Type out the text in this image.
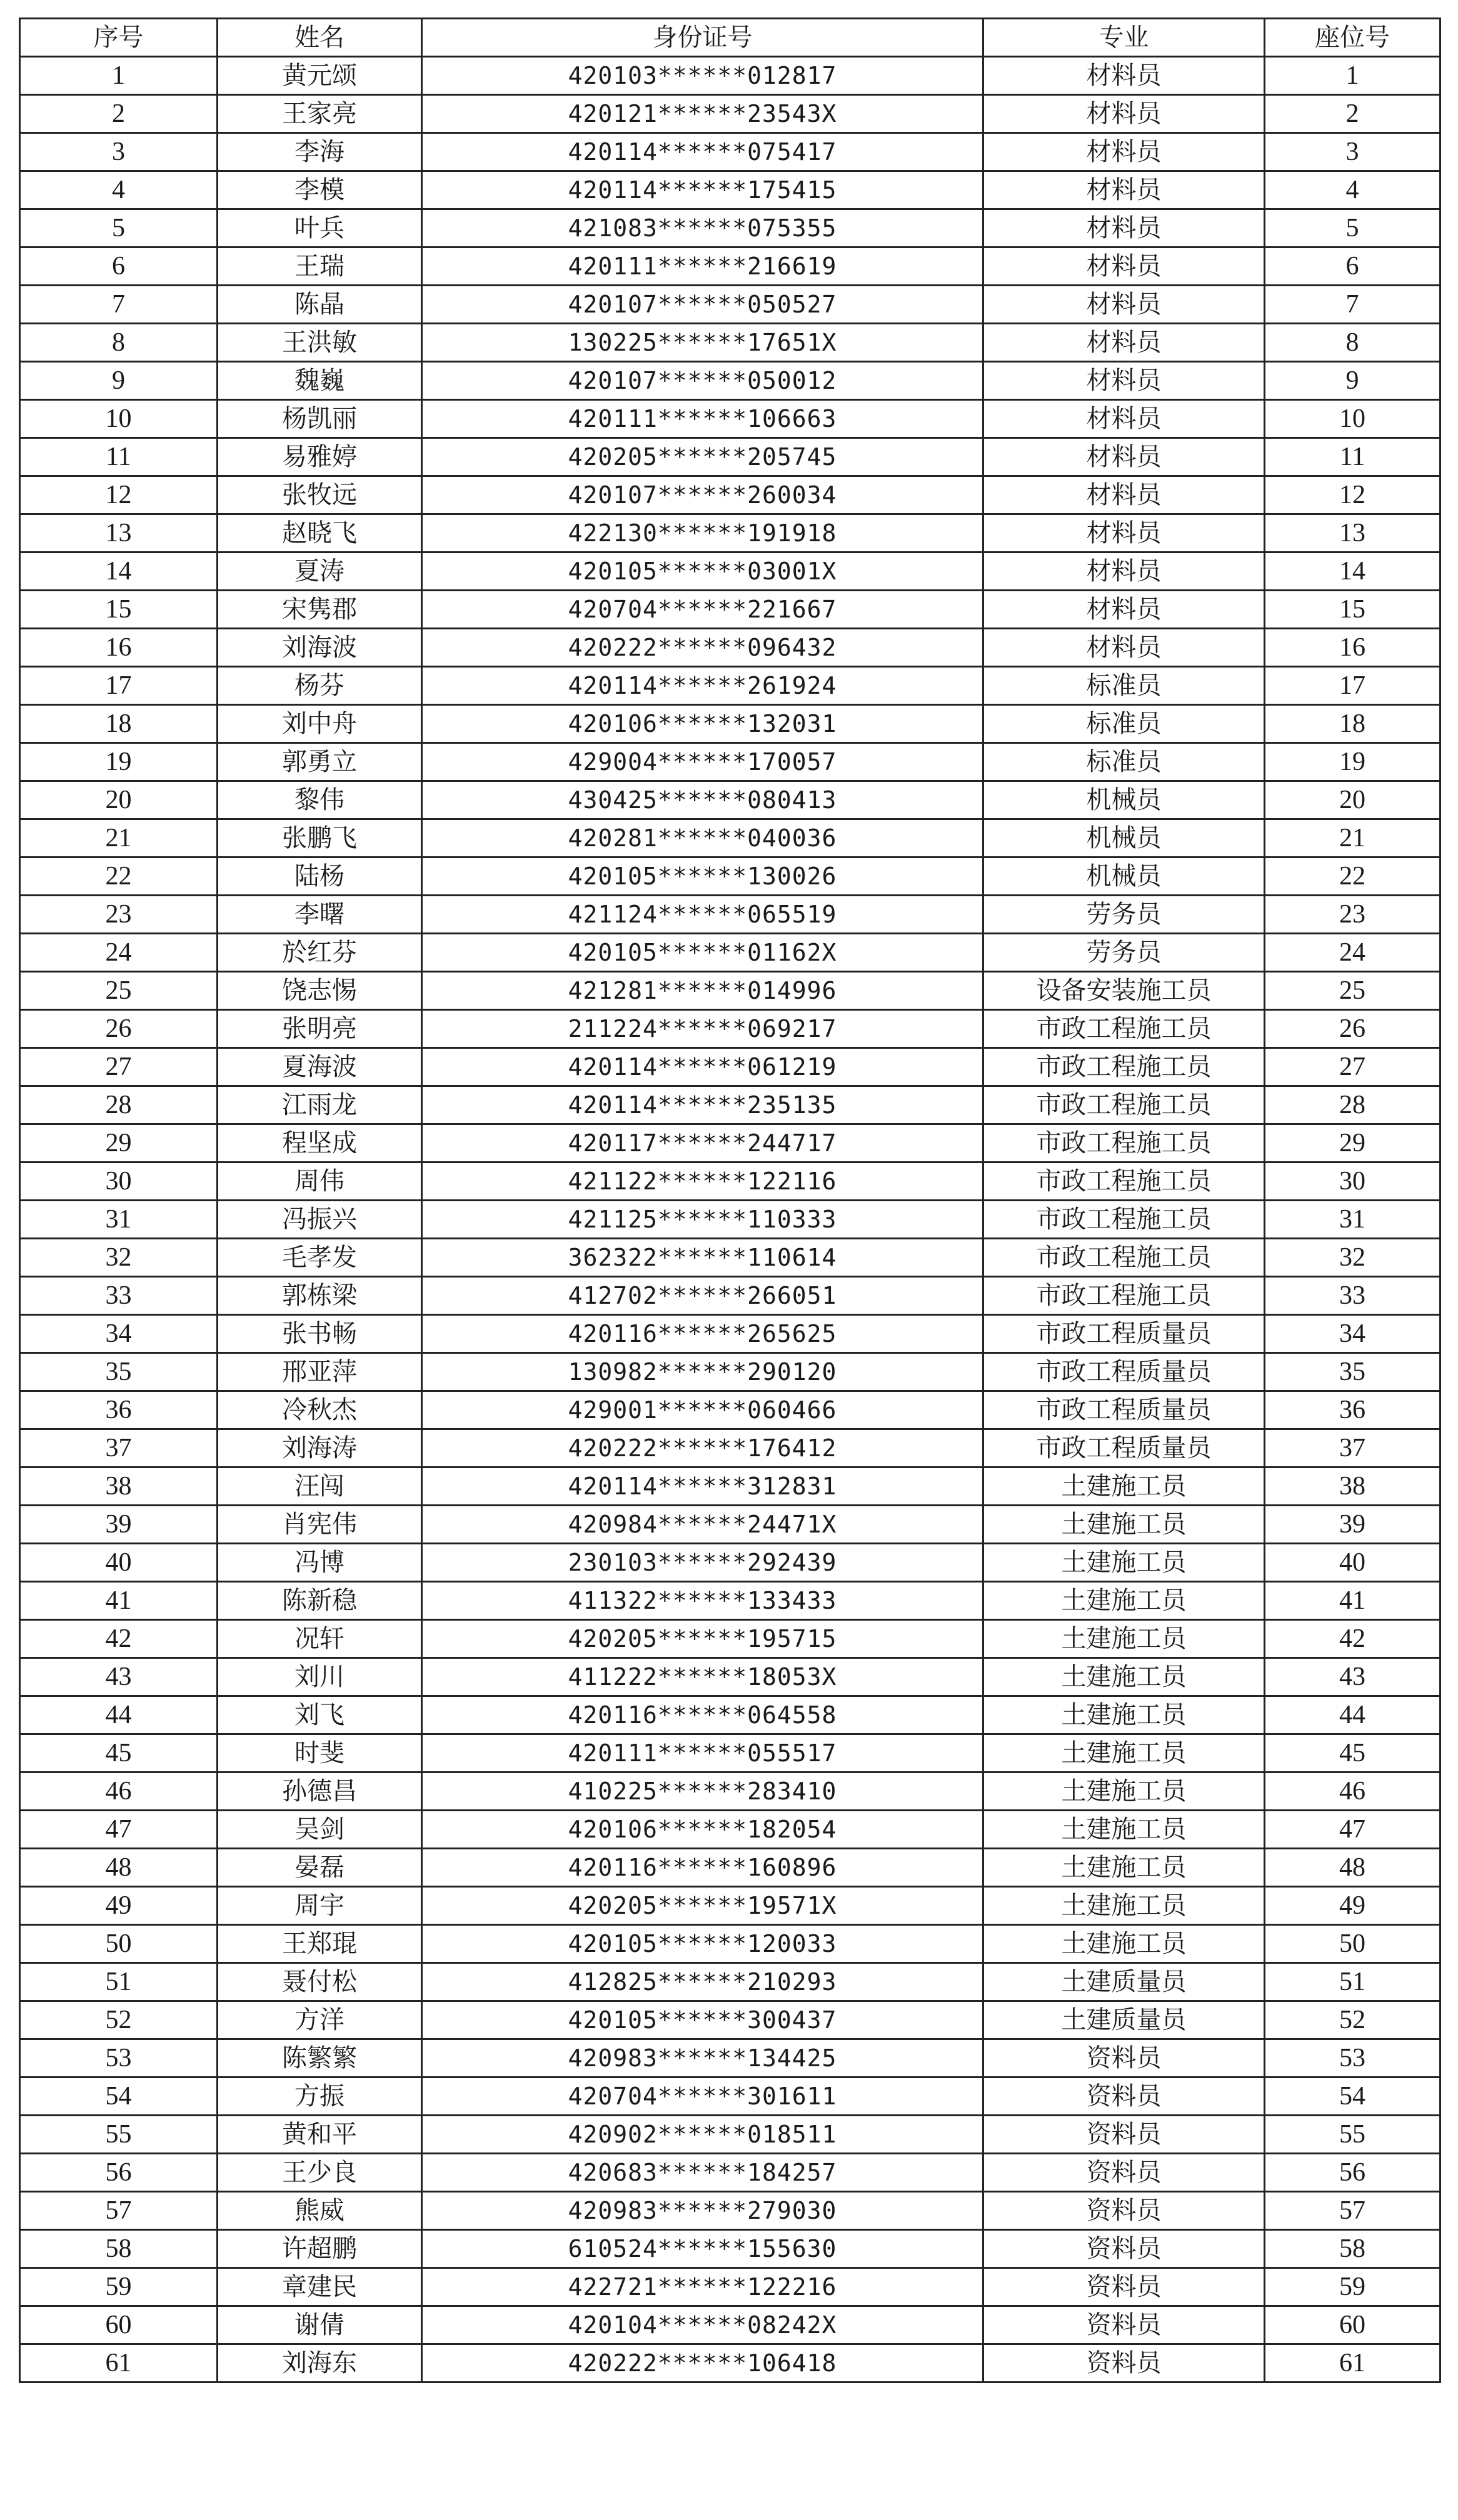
序号	姓名	身份证号	专业	座位号
1	黄元颂	420103******012817	材料员	1
2	王家亮	420121******23543X	材料员	2
3	李海	420114******075417	材料员	3
4	李模	420114******175415	材料员	4
5	叶兵	421083******075355	材料员	5
6	王瑞	420111******216619	材料员	6
7	陈晶	420107******050527	材料员	7
8	王洪敏	130225******17651X	材料员	8
9	魏巍	420107******050012	材料员	9
10	杨凯丽	420111******106663	材料员	10
11	易雅婷	420205******205745	材料员	11
12	张牧远	420107******260034	材料员	12
13	赵晓飞	422130******191918	材料员	13
14	夏涛	420105******03001X	材料员	14
15	宋隽郡	420704******221667	材料员	15
16	刘海波	420222******096432	材料员	16
17	杨芬	420114******261924	标准员	17
18	刘中舟	420106******132031	标准员	18
19	郭勇立	429004******170057	标准员	19
20	黎伟	430425******080413	机械员	20
21	张鹏飞	420281******040036	机械员	21
22	陆杨	420105******130026	机械员	22
23	李曙	421124******065519	劳务员	23
24	於红芬	420105******01162X	劳务员	24
25	饶志惕	421281******014996	设备安装施工员	25
26	张明亮	211224******069217	市政工程施工员	26
27	夏海波	420114******061219	市政工程施工员	27
28	江雨龙	420114******235135	市政工程施工员	28
29	程坚成	420117******244717	市政工程施工员	29
30	周伟	421122******122116	市政工程施工员	30
31	冯振兴	421125******110333	市政工程施工员	31
32	毛孝发	362322******110614	市政工程施工员	32
33	郭栋梁	412702******266051	市政工程施工员	33
34	张书畅	420116******265625	市政工程质量员	34
35	邢亚萍	130982******290120	市政工程质量员	35
36	冷秋杰	429001******060466	市政工程质量员	36
37	刘海涛	420222******176412	市政工程质量员	37
38	汪闯	420114******312831	土建施工员	38
39	肖宪伟	420984******24471X	土建施工员	39
40	冯博	230103******292439	土建施工员	40
41	陈新稳	411322******133433	土建施工员	41
42	况轩	420205******195715	土建施工员	42
43	刘川	411222******18053X	土建施工员	43
44	刘飞	420116******064558	土建施工员	44
45	时斐	420111******055517	土建施工员	45
46	孙德昌	410225******283410	土建施工员	46
47	吴剑	420106******182054	土建施工员	47
48	晏磊	420116******160896	土建施工员	48
49	周宇	420205******19571X	土建施工员	49
50	王郑琨	420105******120033	土建施工员	50
51	聂付松	412825******210293	土建质量员	51
52	方洋	420105******300437	土建质量员	52
53	陈繁繁	420983******134425	资料员	53
54	方振	420704******301611	资料员	54
55	黄和平	420902******018511	资料员	55
56	王少良	420683******184257	资料员	56
57	熊威	420983******279030	资料员	57
58	许超鹏	610524******155630	资料员	58
59	章建民	422721******122216	资料员	59
60	谢倩	420104******08242X	资料员	60
61	刘海东	420222******106418	资料员	61
